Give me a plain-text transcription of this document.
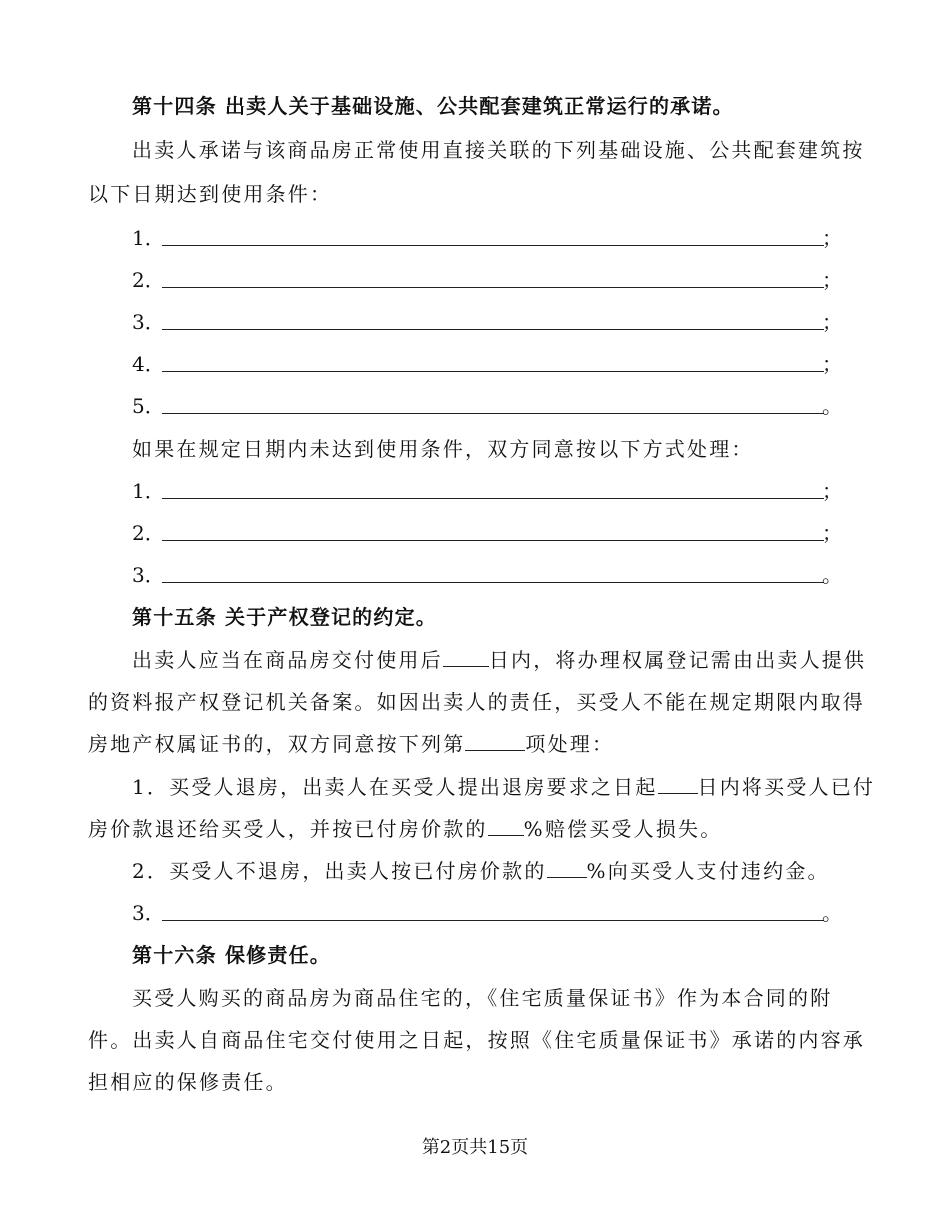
第十四条 出卖人关于基础设施、公共配套建筑正常运行的承诺。
出卖人承诺与该商品房正常使用直接关联的下列基础设施、公共配套建筑按
以下日期达到使用条件：
1．	；
2．	；
3．	；
4．	；
5．	。
如果在规定日期内未达到使用条件，双方同意按以下方式处理：
1．	；
2．	；
3．	。
第十五条 关于产权登记的约定。
出卖人应当在商品房交付使用后 日内，将办理权属登记需由出卖人提供
的资料报产权登记机关备案。如因出卖人的责任，买受人不能在规定期限内取得
房地产权属证书的，双方同意按下列第	项处理：
1．买受人退房，出卖人在买受人提出退房要求之日起 日内将买受人已付
房价款退还给买受人，并按已付房价款的 %赔偿买受人损失。
2．买受人不退房，出卖人按已付房价款的 %向买受人支付违约金。
3．	。
第十六条 保修责任。
买受人购买的商品房为商品住宅的，《住宅质量保证书》作为本合同的附
件。出卖人自商品住宅交付使用之日起，按照《住宅质量保证书》承诺的内容承
担相应的保修责任。
第2页共15页
